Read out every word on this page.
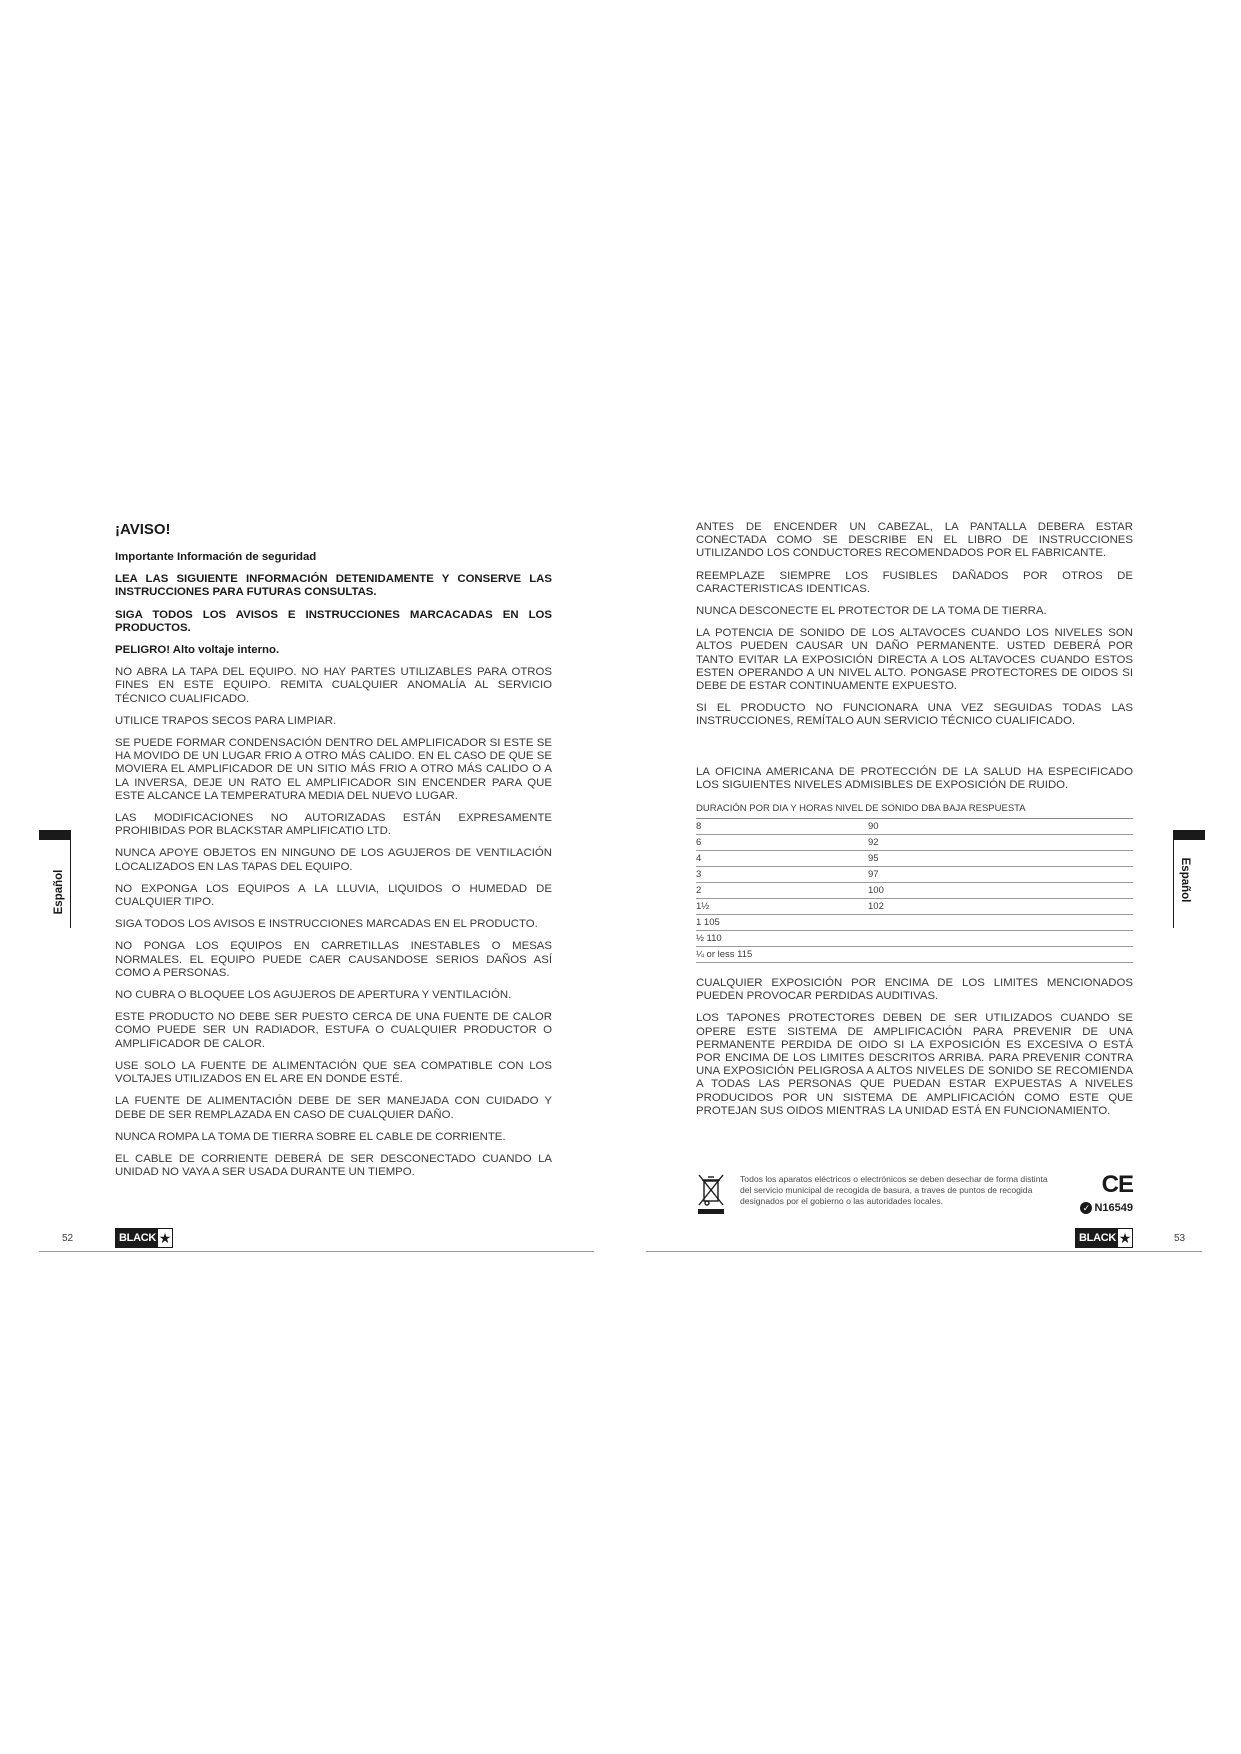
¡AVISO!

Importante Información de seguridad

LEA LAS SIGUIENTE INFORMACIÓN DETENIDAMENTE Y CONSERVE LAS INSTRUCCIONES PARA FUTURAS CONSULTAS.

SIGA TODOS LOS AVISOS E INSTRUCCIONES MARCACADAS EN LOS PRODUCTOS.

PELIGRO! Alto voltaje interno.

NO ABRA LA TAPA DEL EQUIPO. NO HAY PARTES UTILIZABLES PARA OTROS FINES EN ESTE EQUIPO. REMITA CUALQUIER ANOMALÍA AL SERVICIO TÉCNICO CUALIFICADO.

UTILICE TRAPOS SECOS PARA LIMPIAR.

SE PUEDE FORMAR CONDENSACIÓN DENTRO DEL AMPLIFICADOR SI ESTE SE HA MOVIDO DE UN LUGAR FRIO A OTRO MÁS CALIDO. EN EL CASO DE QUE SE MOVIERA EL AMPLIFICADOR DE UN SITIO MÁS FRIO A OTRO MÁS CALIDO O A LA INVERSA, DEJE UN RATO EL AMPLIFICADOR SIN ENCENDER PARA QUE ESTE ALCANCE LA TEMPERATURA MEDIA DEL NUEVO LUGAR.

LAS MODIFICACIONES NO AUTORIZADAS ESTÁN EXPRESAMENTE PROHIBIDAS POR BLACKSTAR AMPLIFICATIO LTD.

NUNCA APOYE OBJETOS EN NINGUNO DE LOS AGUJEROS DE VENTILACIÓN LOCALIZADOS EN LAS TAPAS DEL EQUIPO.

NO EXPONGA LOS EQUIPOS A LA LLUVIA, LIQUIDOS O HUMEDAD DE CUALQUIER TIPO.

SIGA TODOS LOS AVISOS E INSTRUCCIONES MARCADAS EN EL PRODUCTO.

NO PONGA LOS EQUIPOS EN CARRETILLAS INESTABLES O MESAS NORMALES. EL EQUIPO PUEDE CAER CAUSANDOSE SERIOS DAÑOS ASÍ COMO A PERSONAS.

NO CUBRA O BLOQUEE LOS AGUJEROS DE APERTURA Y VENTILACIÓN.

ESTE PRODUCTO NO DEBE SER PUESTO CERCA DE UNA FUENTE DE CALOR COMO PUEDE SER UN RADIADOR, ESTUFA O CUALQUIER PRODUCTOR O AMPLIFICADOR DE CALOR.

USE SOLO LA FUENTE DE ALIMENTACIÓN QUE SEA COMPATIBLE CON LOS VOLTAJES UTILIZADOS EN EL ARE EN DONDE ESTÉ.

LA FUENTE DE ALIMENTACIÓN DEBE DE SER MANEJADA CON CUIDADO Y DEBE DE SER REMPLAZADA EN CASO DE CUALQUIER DAÑO.

NUNCA ROMPA LA TOMA DE TIERRA SOBRE EL CABLE DE CORRIENTE.

EL CABLE DE CORRIENTE DEBERÁ DE SER DESCONECTADO CUANDO LA UNIDAD NO VAYA A SER USADA DURANTE UN TIEMPO.

Español
52	BLACK ★

ANTES DE ENCENDER UN CABEZAL, LA PANTALLA DEBERA ESTAR CONECTADA COMO SE DESCRIBE EN EL LIBRO DE INSTRUCCIONES UTILIZANDO LOS CONDUCTORES RECOMENDADOS POR EL FABRICANTE.

REEMPLAZE SIEMPRE LOS FUSIBLES DAÑADOS POR OTROS DE CARACTERISTICAS IDENTICAS.

NUNCA DESCONECTE EL PROTECTOR DE LA TOMA DE TIERRA.

LA POTENCIA DE SONIDO DE LOS ALTAVOCES CUANDO LOS NIVELES SON ALTOS PUEDEN CAUSAR UN DAÑO PERMANENTE. USTED DEBERÁ POR TANTO EVITAR LA EXPOSICIÓN DIRECTA A LOS ALTAVOCES CUANDO ESTOS ESTEN OPERANDO A UN NIVEL ALTO. PONGASE PROTECTORES DE OIDOS SI DEBE DE ESTAR CONTINUAMENTE EXPUESTO.

SI EL PRODUCTO NO FUNCIONARA UNA VEZ SEGUIDAS TODAS LAS INSTRUCCIONES, REMÍTALO AUN SERVICIO TÉCNICO CUALIFICADO.

LA OFICINA AMERICANA DE PROTECCIÓN DE LA SALUD HA ESPECIFICADO LOS SIGUIENTES NIVELES ADMISIBLES DE EXPOSICIÓN DE RUIDO.

DURACIÓN POR DIA Y HORAS NIVEL DE SONIDO DBA BAJA RESPUESTA	
8	90
6	92
4	95
3	97
2	100
1½	102
1 105	
½ 110	
¼ or less 115	

CUALQUIER EXPOSICIÓN POR ENCIMA DE LOS LIMITES MENCIONADOS PUEDEN PROVOCAR PERDIDAS AUDITIVAS.

LOS TAPONES PROTECTORES DEBEN DE SER UTILIZADOS CUANDO SE OPERE ESTE SISTEMA DE AMPLIFICACIÓN PARA PREVENIR DE UNA PERMANENTE PERDIDA DE OIDO SI LA EXPOSICIÓN ES EXCESIVA O ESTÁ POR ENCIMA DE LOS LIMITES DESCRITOS ARRIBA. PARA PREVENIR CONTRA UNA EXPOSICIÓN PELIGROSA A ALTOS NIVELES DE SONIDO SE RECOMIENDA A TODAS LAS PERSONAS QUE PUEDAN ESTAR EXPUESTAS A NIVELES PRODUCIDOS POR UN SISTEMA DE AMPLIFICACIÓN COMO ESTE QUE PROTEJAN SUS OIDOS MIENTRAS LA UNIDAD ESTÁ EN FUNCIONAMIENTO.

Todos los aparatos eléctricos o electrónicos se deben desechar de forma distinta del servicio municipal de recogida de basura, a traves de puntos de recogida designados por el gobierno o las autoridades locales.
CE
✓ N16549
Español
BLACK ★	53
